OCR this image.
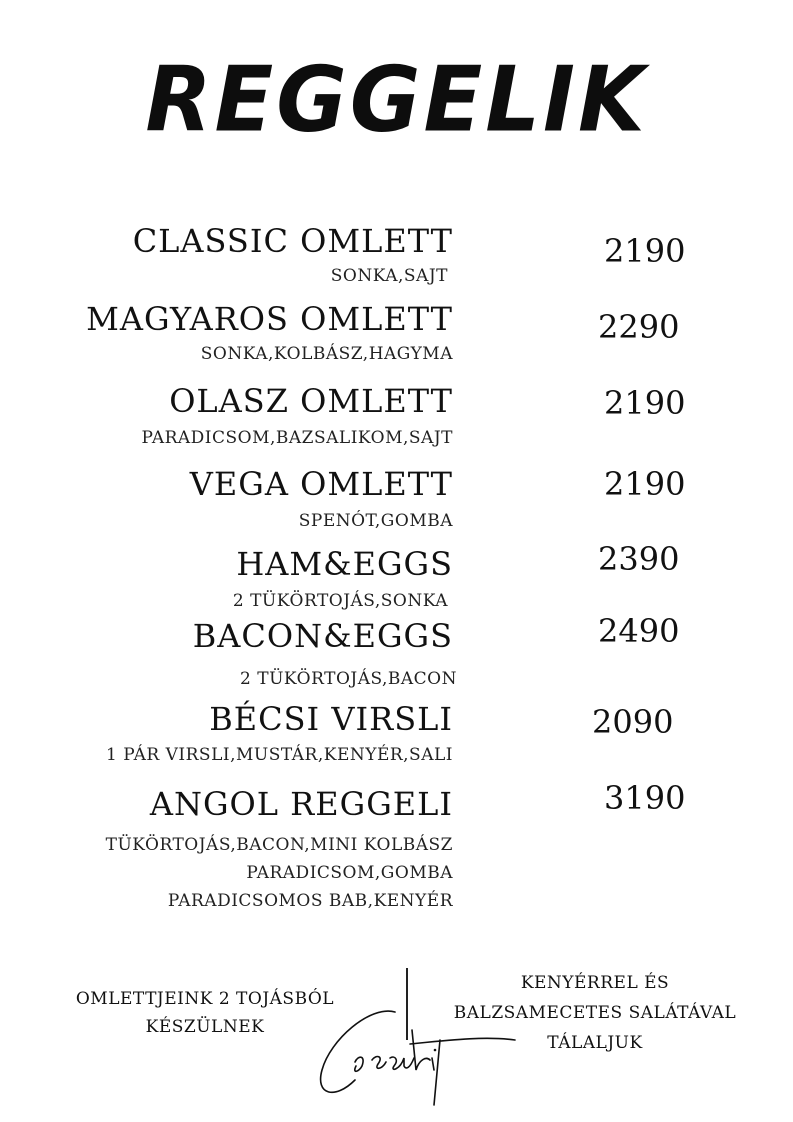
REGGELIK
CLASSIC OMLETT
SONKA,SAJT
2190
MAGYAROS OMLETT
SONKA,KOLBÁSZ,HAGYMA
2290
OLASZ OMLETT
PARADICSOM,BAZSALIKOM,SAJT
2190
VEGA OMLETT
SPENÓT,GOMBA
2190
HAM&EGGS
2 TÜKÖRTOJÁS,SONKA
2390
BACON&EGGS
2 TÜKÖRTOJÁS,BACON
2490
BÉCSI VIRSLI
1 PÁR VIRSLI,MUSTÁR,KENYÉR,SALI
2090
ANGOL REGGELI
TÜKÖRTOJÁS,BACON,MINI KOLBÁSZ
PARADICSOM,GOMBA
PARADICSOMOS BAB,KENYÉR
3190
OMLETTJEINK 2 TOJÁSBÓL
KÉSZÜLNEK
KENYÉRREL ÉS
BALZSAMECETES SALÁTÁVAL
TÁLALJUK
